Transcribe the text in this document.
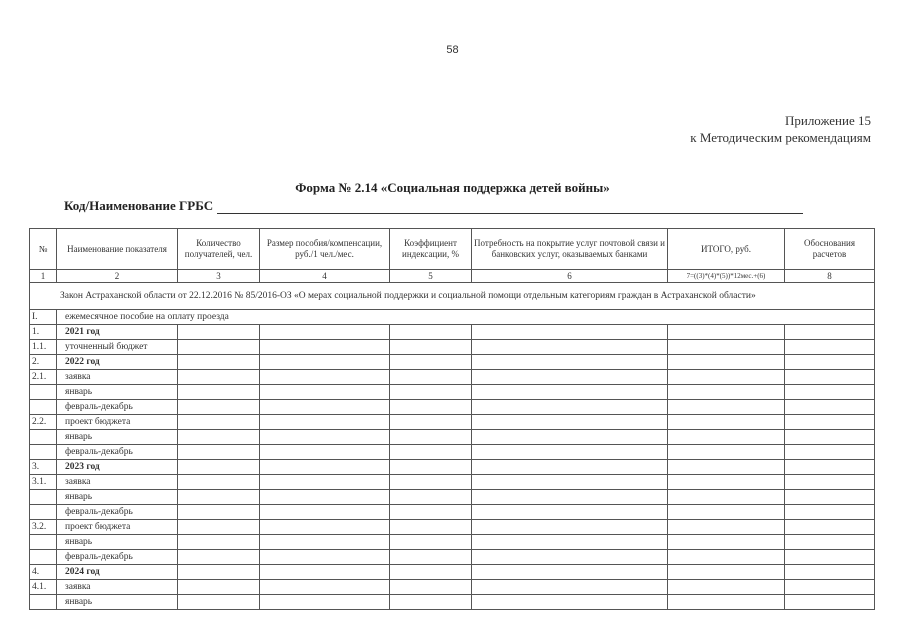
58
Приложение 15
к Методическим рекомендациям
Форма № 2.14 «Социальная поддержка детей войны»
Код/Наименование ГРБС
№	Наименование показателя	Количество получателей, чел.	Размер пособия/компенсации, руб./1 чел./мес.	Коэффициент индексации, %	Потребность на покрытие услуг почтовой связи и банковских услуг, оказываемых банками	ИТОГО, руб.	Обоснования расчетов
1	2	3	4	5	6	7=((3)*(4)*(5))*12мес.+(6)	8
Закон Астраханской области от 22.12.2016 № 85/2016-ОЗ «О мерах социальной поддержки и социальной помощи отдельным категориям граждан в Астраханской области»							
I.	ежемесячное пособие на оплату проезда						
1.	2021 год						
1.1.	уточненный бюджет						
2.	2022 год						
2.1.	заявка						
	январь						
	февраль-декабрь						
2.2.	проект бюджета						
	январь						
	февраль-декабрь						
3.	2023 год						
3.1.	заявка						
	январь						
	февраль-декабрь						
3.2.	проект бюджета						
	январь						
	февраль-декабрь						
4.	2024 год						
4.1.	заявка						
	январь						
